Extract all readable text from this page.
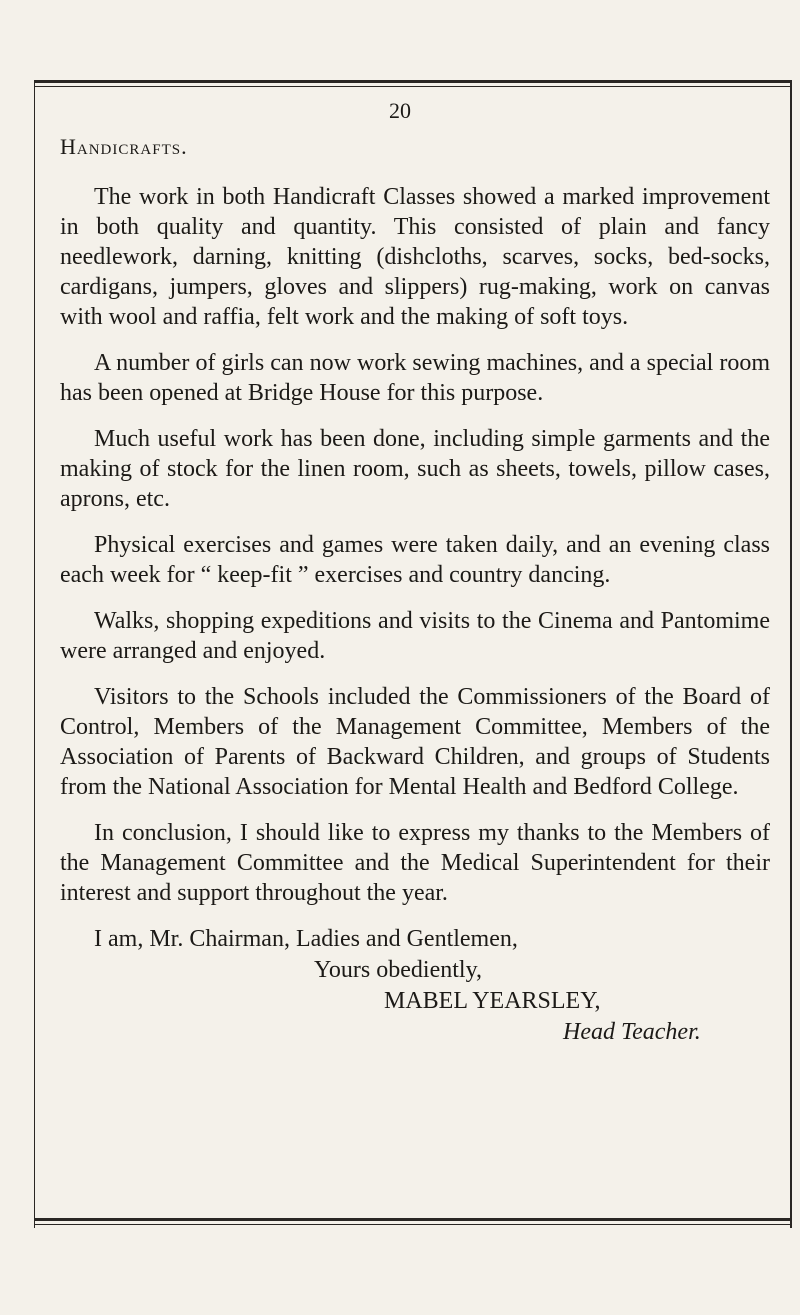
20
Handicrafts.

The work in both Handicraft Classes showed a marked improvement in both quality and quantity. This consisted of plain and fancy needlework, darning, knitting (dishcloths, scarves, socks, bed-socks, cardigans, jumpers, gloves and slippers) rug-making, work on canvas with wool and raffia, felt work and the making of soft toys.

A number of girls can now work sewing machines, and a special room has been opened at Bridge House for this purpose.

Much useful work has been done, including simple garments and the making of stock for the linen room, such as sheets, towels, pillow cases, aprons, etc.

Physical exercises and games were taken daily, and an evening class each week for “ keep-fit ” exercises and country dancing.

Walks, shopping expeditions and visits to the Cinema and Pantomime were arranged and enjoyed.

Visitors to the Schools included the Commissioners of the Board of Control, Members of the Management Committee, Members of the Association of Parents of Backward Children, and groups of Students from the National Association for Mental Health and Bedford College.

In conclusion, I should like to express my thanks to the Members of the Management Committee and the Medical Superintendent for their interest and support throughout the year.

I am, Mr. Chairman, Ladies and Gentlemen,
Yours obediently,
MABEL YEARSLEY,
Head Teacher.
